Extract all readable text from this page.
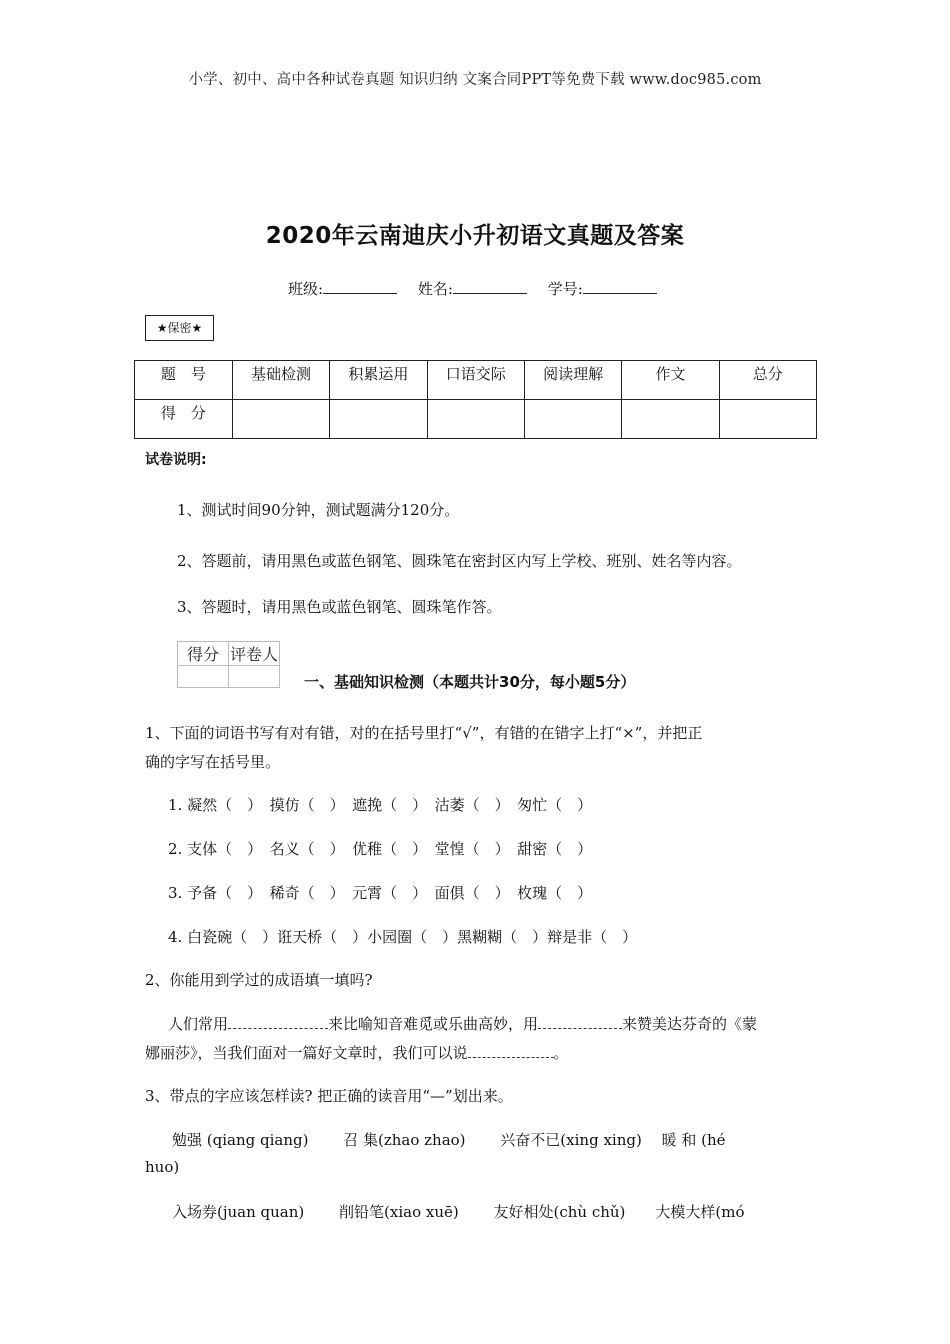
小学、初中、高中各种试卷真题 知识归纳 文案合同PPT等免费下载 www.doc985.com
2020年云南迪庆小升初语文真题及答案
班级:	姓名:	学号:
★保密★
题　号	基础检测	积累运用	口语交际	阅读理解	作文	总分
得　分						
试卷说明:
1、测试时间90分钟，测试题满分120分。
2、答题前，请用黑色或蓝色钢笔、圆珠笔在密封区内写上学校、班别、姓名等内容。
3、答题时，请用黑色或蓝色钢笔、圆珠笔作答。
得分	评卷人

一、基础知识检测（本题共计30分，每小题5分）
1、下面的词语书写有对有错，对的在括号里打“√”，有错的在错字上打“×”，并把正
确的字写在括号里。
1. 凝然（　）　摸仿（　）　遮挽（　）　沽萎（　）　匆忙（　）
2. 支体（　）　名义（　）　优稚（　）　堂惶（　）　甜密（　）
3. 予备（　）　稀奇（　）　元霄（　）　面俱（　）　枚瑰（　）
4. 白瓷碗（　）诳天桥（　）小园圈（　）黑糊糊（　）辩是非（　）
2、你能用到学过的成语填一填吗?
人们常用	来比喻知音难觅或乐曲高妙，用	来赞美达芬奇的《蒙
娜丽莎》，当我们面对一篇好文章时，我们可以说	。
3、带点的字应该怎样读? 把正确的读音用“—”划出来。
勉强 (qiang qiang)　　 召 集(zhao zhao)　　 兴奋不已(xing xing)　 暖 和 (hé
huo)
入场券(juan quan)　　 削铅笔(xiao xuē)　　 友好相处(chù chǔ)　　大模大样(mó
